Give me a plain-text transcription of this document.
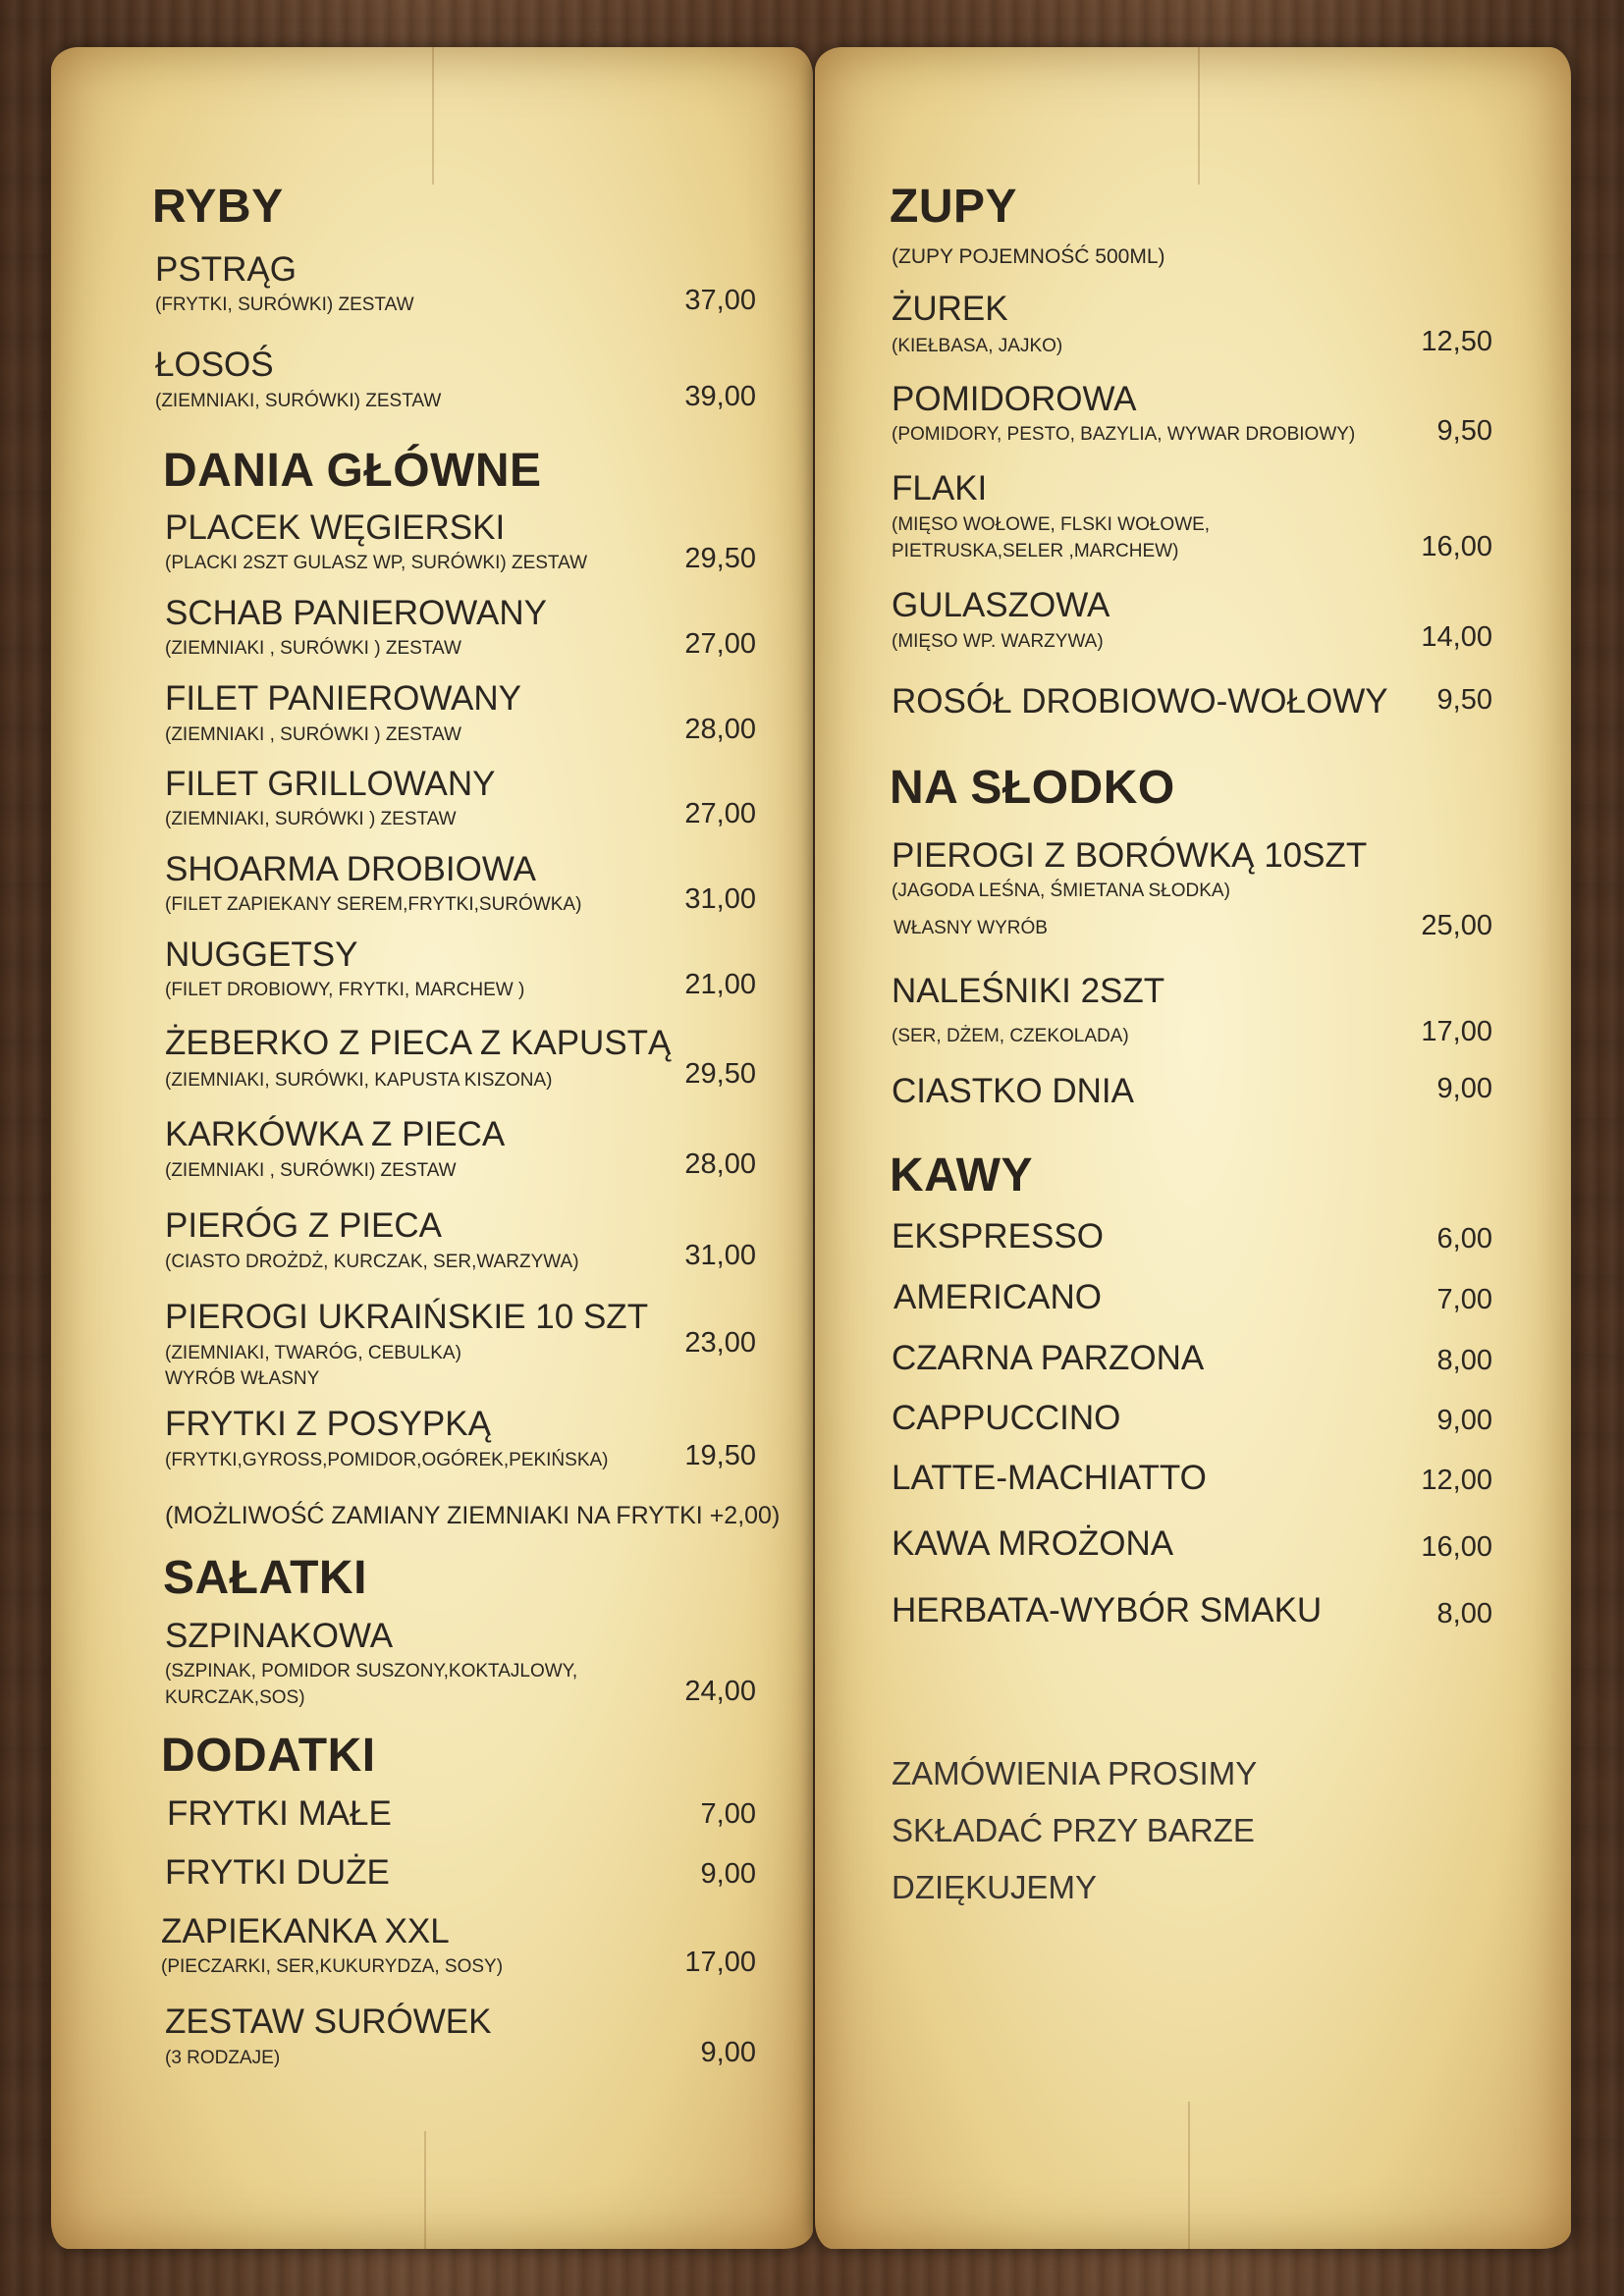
RYBY
PSTRĄG
(FRYTKI, SURÓWKI) ZESTAW	37,00
ŁOSOŚ
(ZIEMNIAKI, SURÓWKI) ZESTAW	39,00
DANIA GŁÓWNE
PLACEK WĘGIERSKI
(PLACKI 2SZT GULASZ WP, SURÓWKI) ZESTAW	29,50
SCHAB PANIEROWANY
(ZIEMNIAKI , SURÓWKI ) ZESTAW	27,00
FILET PANIEROWANY
(ZIEMNIAKI , SURÓWKI ) ZESTAW	28,00
FILET GRILLOWANY
(ZIEMNIAKI, SURÓWKI ) ZESTAW	27,00
SHOARMA DROBIOWA
(FILET ZAPIEKANY SEREM,FRYTKI,SURÓWKA)	31,00
NUGGETSY
(FILET DROBIOWY, FRYTKI, MARCHEW )	21,00
ŻEBERKO Z PIECA Z KAPUSTĄ
(ZIEMNIAKI, SURÓWKI, KAPUSTA KISZONA)	29,50
KARKÓWKA Z PIECA
(ZIEMNIAKI , SURÓWKI) ZESTAW	28,00
PIERÓG Z PIECA
(CIASTO DROŻDŻ, KURCZAK, SER,WARZYWA)	31,00
PIEROGI UKRAIŃSKIE 10 SZT
(ZIEMNIAKI, TWARÓG, CEBULKA)
WYRÓB WŁASNY
23,00
FRYTKI Z POSYPKĄ
(FRYTKI,GYROSS,POMIDOR,OGÓREK,PEKIŃSKA)	19,50
(MOŻLIWOŚĆ ZAMIANY ZIEMNIAKI NA FRYTKI +2,00)
SAŁATKI
SZPINAKOWA
(SZPINAK, POMIDOR SUSZONY,KOKTAJLOWY,
KURCZAK,SOS)	24,00
DODATKI
FRYTKI MAŁE	7,00
FRYTKI DUŻE	9,00
ZAPIEKANKA XXL
(PIECZARKI, SER,KUKURYDZA, SOSY)	17,00
ZESTAW SURÓWEK
(3 RODZAJE)	9,00
ZUPY
(ZUPY POJEMNOŚĆ 500ML)
ŻUREK
(KIEŁBASA, JAJKO)	12,50
POMIDOROWA
(POMIDORY, PESTO, BAZYLIA, WYWAR DROBIOWY)	9,50
FLAKI
(MIĘSO WOŁOWE, FLSKI WOŁOWE,
PIETRUSKA,SELER ,MARCHEW)	16,00
GULASZOWA
(MIĘSO WP. WARZYWA)	14,00
ROSÓŁ DROBIOWO-WOŁOWY	9,50
NA SŁODKO
PIEROGI Z BORÓWKĄ 10SZT
(JAGODA LEŚNA, ŚMIETANA SŁODKA)
WŁASNY WYRÓB	25,00
NALEŚNIKI 2SZT
(SER, DŻEM, CZEKOLADA)	17,00
CIASTKO DNIA	9,00
KAWY
EKSPRESSO	6,00
AMERICANO	7,00
CZARNA PARZONA	8,00
CAPPUCCINO	9,00
LATTE-MACHIATTO	12,00
KAWA MROŻONA	16,00
HERBATA-WYBÓR SMAKU	8,00
ZAMÓWIENIA PROSIMY
SKŁADAĆ PRZY BARZE
DZIĘKUJEMY
